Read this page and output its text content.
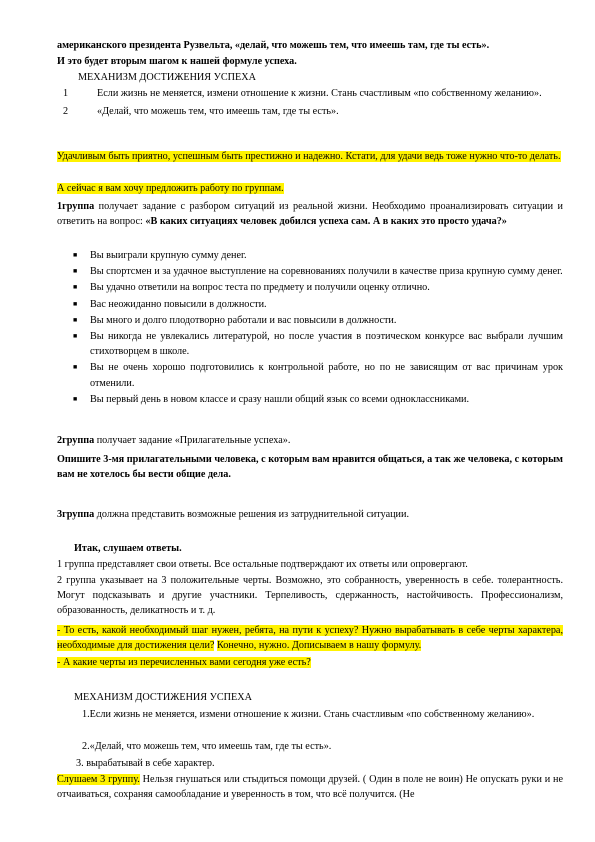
американского президента Рузвельта, «делай, что можешь тем, что имеешь там, где ты есть».
И это будет вторым шагом к нашей формуле успеха.
МЕХАНИЗМ ДОСТИЖЕНИЯ УСПЕХА
1	Если жизнь не меняется, измени отношение к жизни. Стань счастливым «по собственному желанию».
2	«Делай, что можешь тем, что имеешь там, где ты есть».
Удачливым быть приятно, успешным быть престижно и надежно. Кстати, для удачи ведь тоже нужно что-то делать.
А сейчас я вам хочу предложить работу по группам.
1группа получает задание с разбором ситуаций из реальной жизни. Необходимо проанализировать ситуации и ответить на вопрос: «В каких ситуациях человек добился успеха сам. А в каких это просто удача?»
■ Вы выиграли крупную сумму денег.
■ Вы спортсмен и за удачное выступление на соревнованиях получили в качестве приза крупную сумму денег.
■ Вы удачно ответили на вопрос теста по предмету и получили оценку отлично.
■ Вас неожиданно повысили в должности.
■ Вы много и долго плодотворно работали и вас повысили в должности.
■ Вы никогда не увлекались литературой, но после участия в поэтическом конкурсе вас выбрали лучшим стихотворцем в школе.
■ Вы не очень хорошо подготовились к контрольной работе, но по не зависящим от вас причинам урок отменили.
■ Вы первый день в новом классе и сразу нашли общий язык со всеми одноклассниками.
2группа получает задание «Прилагательные успеха».
Опишите 3-мя прилагательными человека, с которым вам нравится общаться, а так же человека, с которым вам не хотелось бы вести общие дела.
3группа должна представить возможные решения из затруднительной ситуации.
Итак, слушаем ответы.
1 группа представляет свои ответы. Все остальные подтверждают их ответы или опровергают.
2 группа указывает на 3 положительные черты. Возможно, это собранность, уверенность в себе. толерантность. Могут подсказывать и другие участники. Терпеливость, сдержанность, настойчивость. Профессионализм, образованность, деликатность и т. д.
- То есть, какой необходимый шаг нужен, ребята, на пути к успеху? Нужно вырабатывать в себе черты характера, необходимые для достижения цели? Конечно, нужно. Дописываем в нашу формулу.
- А какие черты из перечисленных вами сегодня уже есть?
МЕХАНИЗМ ДОСТИЖЕНИЯ УСПЕХА
1.Если жизнь не меняется, измени отношение к жизни. Стань счастливым «по собственному желанию».
2.«Делай, что можешь тем, что имеешь там, где ты есть».
3. вырабатывай в себе характер.
Слушаем 3 группу. Нельзя гнушаться или стыдиться помощи друзей. ( Один в поле не воин) Не опускать руки и не отчаиваться, сохраняя самообладание и уверенность в том, что всё получится. (Не
